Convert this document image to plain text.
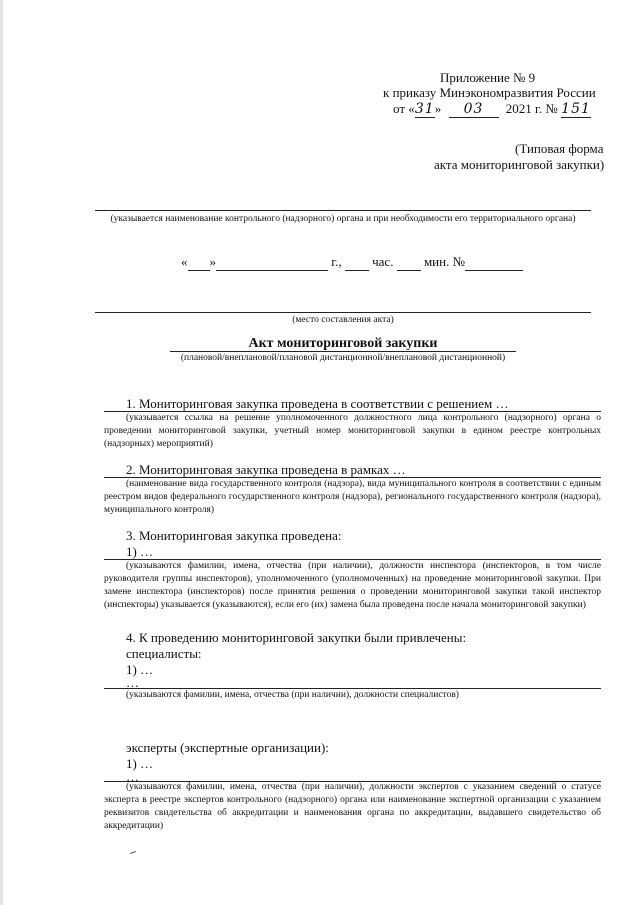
Приложение № 9
к приказу Минэкономразвития России
от «31» 03 2021 г. № 151
(Типовая форма
акта мониторинговой закупки)
(указывается наименование контрольного (надзорного) органа и при необходимости его территориального органа)
« »	г., час. мин. №
(место составления акта)
Акт мониторинговой закупки
(плановой/внеплановой/плановой дистанционной/внеплановой дистанционной)
1. Мониторинговая закупка проведена в соответствии с решением …
(указывается ссылка на решение уполномоченного должностного лица контрольного (надзорного) органа о проведении мониторинговой закупки, учетный номер мониторинговой закупки в едином реестре контрольных (надзорных) мероприятий)
2. Мониторинговая закупка проведена в рамках …
(наименование вида государственного контроля (надзора), вида муниципального контроля в соответствии с единым реестром видов федерального государственного контроля (надзора), регионального государственного контроля (надзора), муниципального контроля)
3. Мониторинговая закупка проведена:
1) …
(указываются фамилии, имена, отчества (при наличии), должности инспектора (инспекторов, в том числе руководителя группы инспекторов), уполномоченного (уполномоченных) на проведение мониторинговой закупки. При замене инспектора (инспекторов) после принятия решения о проведении мониторинговой закупки такой инспектор (инспекторы) указывается (указываются), если его (их) замена была проведена после начала мониторинговой закупки)
4. К проведению мониторинговой закупки были привлечены:
специалисты:
1) …
…
(указываются фамилии, имена, отчества (при наличии), должности специалистов)
эксперты (экспертные организации):
1) …
…
(указываются фамилии, имена, отчества (при наличии), должности экспертов с указанием сведений о статусе эксперта в реестре экспертов контрольного (надзорного) органа или наименование экспертной организации с указанием реквизитов свидетельства об аккредитации и наименования органа по аккредитации, выдавшего свидетельство об аккредитации)
